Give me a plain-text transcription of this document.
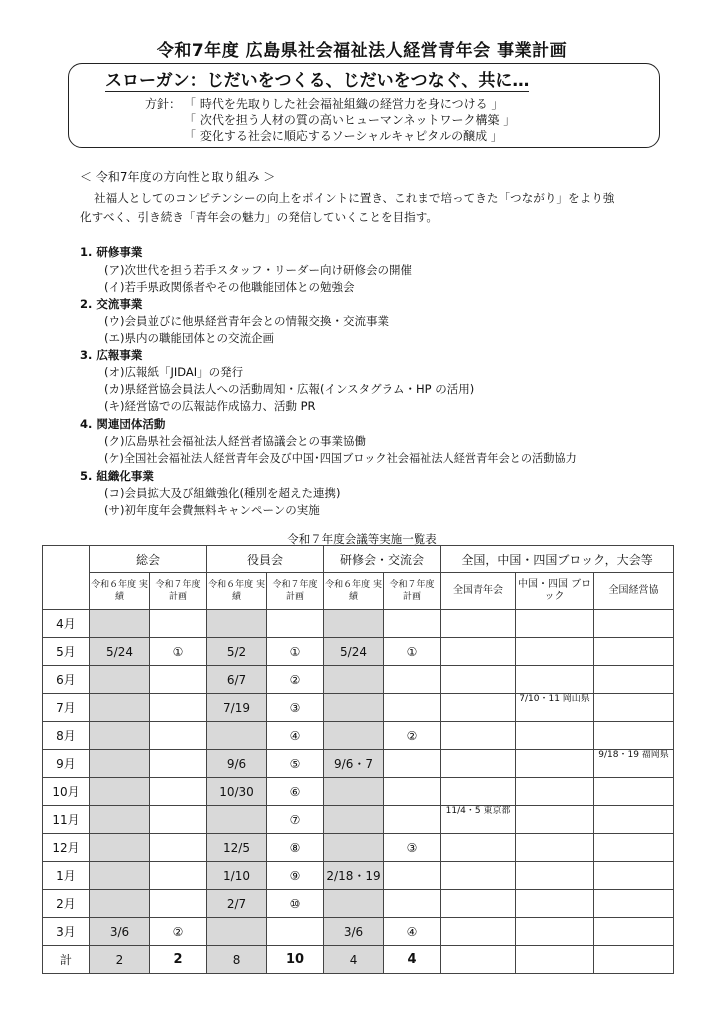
令和7年度 広島県社会福祉法人経営青年会 事業計画
スローガン：じだいをつくる、じだいをつなぐ、共に…
方針： 「 時代を先取りした社会福祉組織の経営力を身につける 」
「 次代を担う人材の質の高いヒューマンネットワーク構築 」
「 変化する社会に順応するソーシャルキャピタルの醸成 」
＜ 令和7年度の方向性と取り組み ＞
社福人としてのコンピテンシーの向上をポイントに置き、これまで培ってきた「つながり」をより強
化すべく、引き続き「青年会の魅力」の発信していくことを目指す。
1. 研修事業
(ア)次世代を担う若手スタッフ・リーダー向け研修会の開催
(イ)若手県政関係者やその他職能団体との勉強会
2. 交流事業
(ウ)会員並びに他県経営青年会との情報交換・交流事業
(エ)県内の職能団体との交流企画
3. 広報事業
(オ)広報紙「JIDAI」の発行
(カ)県経営協会員法人への活動周知・広報(インスタグラム・HP の活用)
(キ)経営協での広報誌作成協力、活動 PR
4. 関連団体活動
(ク)広島県社会福祉法人経営者協議会との事業協働
(ケ)全国社会福祉法人経営青年会及び中国･四国ブロック社会福祉法人経営青年会との活動協力
5. 組織化事業
(コ)会員拡大及び組織強化(種別を超えた連携)
(サ)初年度年会費無料キャンペーンの実施
令和７年度会議等実施一覧表
	総会		役員会		研修会・交流会		全国，中国・四国ブロック，大会等		
	令和６年度 実績	令和７年度 計画	令和６年度 実績	令和７年度 計画	令和６年度 実績	令和７年度 計画	全国青年会	中国・四国 ブロック	全国経営協
4月									
5月	5/24	①	5/2	①	5/24	①			
6月			6/7	②					
7月			7/19	③				7/10・11 岡山県	
8月				④		②			
9月			9/6	⑤	9/6・7				9/18・19 福岡県
10月			10/30	⑥					
11月				⑦			11/4・5 東京都		
12月			12/5	⑧		③			
1月			1/10	⑨	2/18・19				
2月			2/7	⑩					
3月	3/6	②			3/6	④			
計	2	2	8	10	4	4			
